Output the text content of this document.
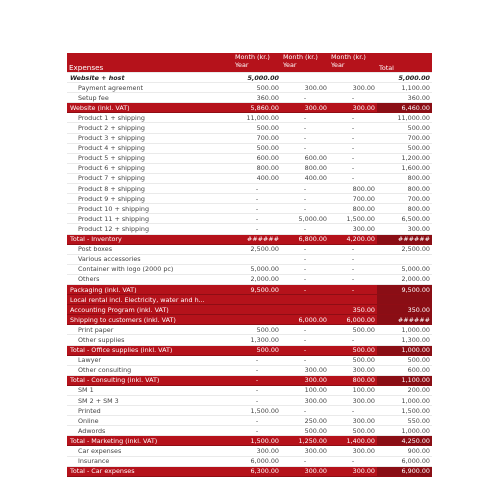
Expenses	Month (kr.) Year	Month (kr.) Year	Month (kr.) Year	Total
Website + host	5,000.00			5,000.00
Payment agreement	500.00	300.00	300.00	1,100.00
Setup fee	360.00	-	-	360.00
Website (inkl. VAT)	5,860.00	300.00	300.00	6,460.00
Product 1 + shipping	11,000.00	-	-	11,000.00
Product 2 + shipping	500.00	-	-	500.00
Product 3 + shipping	700.00	-	-	700.00
Product 4 + shipping	500.00	-	-	500.00
Product 5 + shipping	600.00	600.00	-	1,200.00
Product 6 + shipping	800.00	800.00	-	1,600.00
Product 7 + shipping	400.00	400.00	-	800.00
Product 8 + shipping	-	-	800.00	800.00
Product 9 + shipping	-	-	700.00	700.00
Product 10 + shipping	-	-	800.00	800.00
Product 11 + shipping	-	5,000.00	1,500.00	6,500.00
Product 12 + shipping	-	-	300.00	300.00
Total - Inventory	######	6,800.00	4,200.00	######
Post boxes	2,500.00	-	-	2,500.00
Various accessories		-	-	
Container with logo (2000 pc)	5,000.00	-	-	5,000.00
Others	2,000.00	-	-	2,000.00
Packaging (inkl. VAT)	9,500.00	-	-	9,500.00
Local rental incl. Electricity, water and h...				
Accounting Program (inkl. VAT)			350.00	350.00
Shipping to customers (inkl. VAT)		6,000.00	6,000.00	######
Print paper	500.00	-	500.00	1,000.00
Other supplies	1,300.00	-	-	1,300.00
Total - Office supplies (inkl. VAT)	500.00	-	500.00	1,000.00
Lawyer	-	-	500.00	500.00
Other consulting	-	300.00	300.00	600.00
Total - Consulting (inkl. VAT)	-	300.00	800.00	1,100.00
SM 1	-	100.00	100.00	200.00
SM 2 + SM 3	-	300.00	300.00	1,000.00
Printed	1,500.00	-	-	1,500.00
Online	-	250.00	300.00	550.00
Adwords	-	500.00	500.00	1,000.00
Total - Marketing (inkl. VAT)	1,500.00	1,250.00	1,400.00	4,250.00
Car expenses	300.00	300.00	300.00	900.00
Insurance	6,000.00	-	-	6,000.00
Total - Car expenses	6,300.00	300.00	300.00	6,900.00
